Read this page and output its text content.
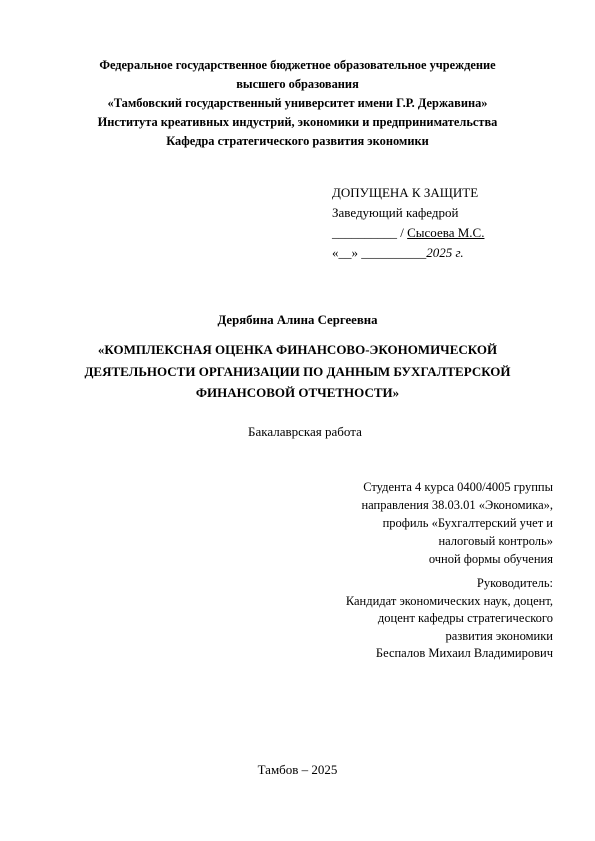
Федеральное государственное бюджетное образовательное учреждение
высшего образования
«Тамбовский государственный университет имени Г.Р. Державина»
Института креативных индустрий, экономики и предпринимательства
Кафедра стратегического развития экономики
ДОПУЩЕНА К ЗАЩИТЕ
Заведующий кафедрой
__________ / Сысоева М.С.
«__» __________2025 г.
Дерябина Алина Сергеевна
«КОМПЛЕКСНАЯ ОЦЕНКА ФИНАНСОВО-ЭКОНОМИЧЕСКОЙ
ДЕЯТЕЛЬНОСТИ ОРГАНИЗАЦИИ ПО ДАННЫМ БУХГАЛТЕРСКОЙ
ФИНАНСОВОЙ ОТЧЕТНОСТИ»
Бакалаврская работа
Студента 4 курса 0400/4005 группы
направления 38.03.01 «Экономика»,
профиль «Бухгалтерский учет и
налоговый контроль»
очной формы обучения
Руководитель:
Кандидат экономических наук, доцент,
доцент кафедры стратегического
развития экономики
Беспалов Михаил Владимирович
Тамбов – 2025
